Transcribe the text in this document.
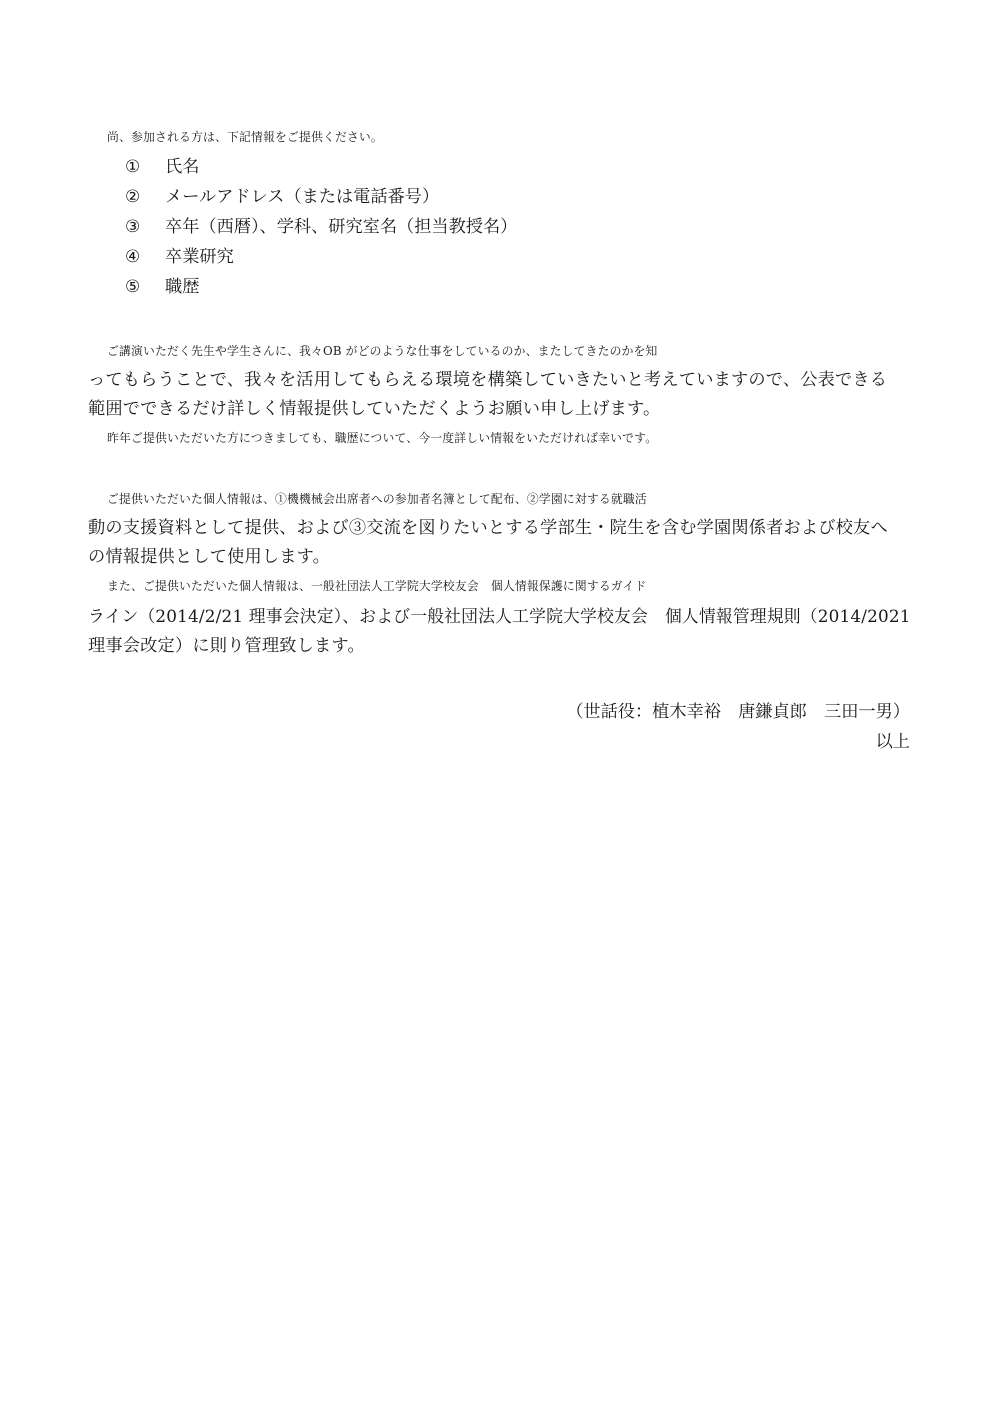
尚、参加される方は、下記情報をご提供ください。
①	氏名
②	メールアドレス（または電話番号）
③	卒年（西暦）、学科、研究室名（担当教授名）
④	卒業研究
⑤	職歴
ご講演いただく先生や学生さんに、我々OB がどのような仕事をしているのか、またしてきたのかを知
ってもらうことで、我々を活用してもらえる環境を構築していきたいと考えていますので、公表できる
範囲でできるだけ詳しく情報提供していただくようお願い申し上げます。
昨年ご提供いただいた方につきましても、職歴について、今一度詳しい情報をいただければ幸いです。
ご提供いただいた個人情報は、①機機械会出席者への参加者名簿として配布、②学園に対する就職活
動の支援資料として提供、および③交流を図りたいとする学部生・院生を含む学園関係者および校友へ
の情報提供として使用します。
また、ご提供いただいた個人情報は、一般社団法人工学院大学校友会　個人情報保護に関するガイド
ライン（2014/2/21 理事会決定）、および一般社団法人工学院大学校友会　個人情報管理規則（2014/2021
理事会改定）に則り管理致します。
（世話役：植木幸裕　唐鎌貞郎　三田一男）
以上
